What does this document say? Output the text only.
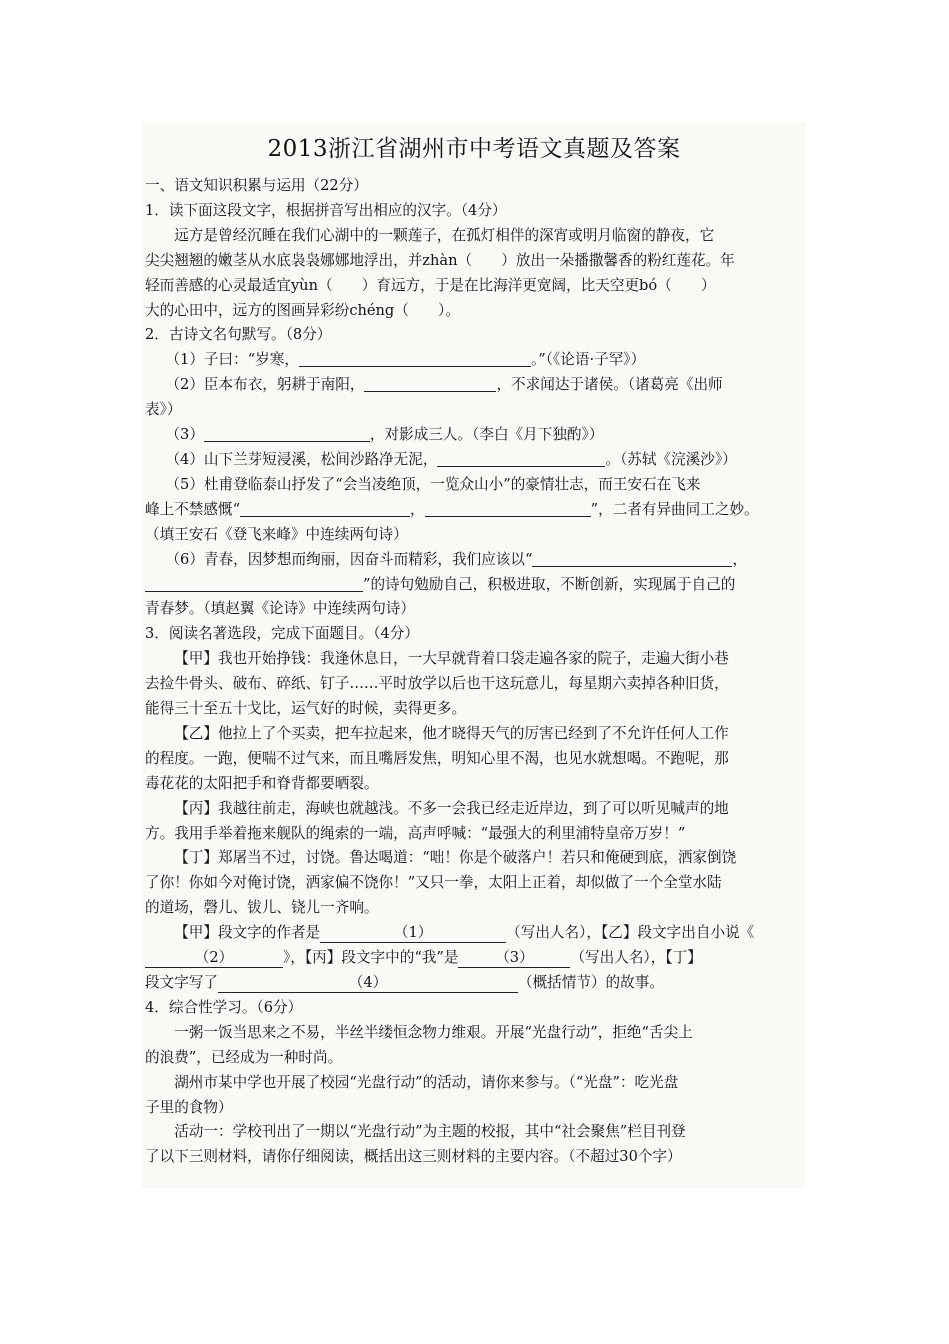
2013浙江省湖州市中考语文真题及答案

一、语文知识积累与运用（22分）

1．读下面这段文字，根据拼音写出相应的汉字。（4分）

远方是曾经沉睡在我们心湖中的一颗莲子，在孤灯相伴的深宵或明月临窗的静夜，它

尖尖翘翘的嫩茎从水底袅袅娜娜地浮出，并zhàn（　　）放出一朵播撒馨香的粉红莲花。年

轻而善感的心灵最适宜yùn（　　）育远方，于是在比海洋更宽阔，比天空更bó（　　）

大的心田中，远方的图画异彩纷chéng（　　）。

2．古诗文名句默写。（8分）

（1）子曰：“岁寒，	。”（《论语·子罕》）

（2）臣本布衣，躬耕于南阳，	，不求闻达于诸侯。（诸葛亮《出师

表》）

（3）	，对影成三人。（李白《月下独酌》）

（4）山下兰芽短浸溪，松间沙路净无泥，	。（苏轼《浣溪沙》）

（5）杜甫登临泰山抒发了“会当凌绝顶，一览众山小”的豪情壮志，而王安石在飞来

峰上不禁感慨“	，	”，二者有异曲同工之妙。

（填王安石《登飞来峰》中连续两句诗）

（6）青春，因梦想而绚丽，因奋斗而精彩，我们应该以“	，

”的诗句勉励自己，积极进取，不断创新，实现属于自己的

青春梦。（填赵翼《论诗》中连续两句诗）

3．阅读名著选段，完成下面题目。（4分）

【甲】我也开始挣钱：我逢休息日，一大早就背着口袋走遍各家的院子，走遍大街小巷

去捡牛骨头、破布、碎纸、钉子……平时放学以后也干这玩意儿，每星期六卖掉各种旧货，

能得三十至五十戈比，运气好的时候，卖得更多。

【乙】他拉上了个买卖，把车拉起来，他才晓得天气的厉害已经到了不允许任何人工作

的程度。一跑，便喘不过气来，而且嘴唇发焦，明知心里不渴，也见水就想喝。不跑呢，那

毒花花的太阳把手和脊背都要晒裂。

【丙】我越往前走，海峡也就越浅。不多一会我已经走近岸边，到了可以听见喊声的地

方。我用手举着拖来舰队的绳索的一端，高声呼喊：“最强大的利里浦特皇帝万岁！”

【丁】郑屠当不过，讨饶。鲁达喝道：“咄！你是个破落户！若只和俺硬到底，洒家倒饶

了你！你如今对俺讨饶，洒家偏不饶你！”又只一拳，太阳上正着，却似做了一个全堂水陆

的道场，磬儿、钹儿、铙儿一齐响。

【甲】段文字的作者是	（1）	（写出人名），【乙】段文字出自小说《

（2）	》，【丙】段文字中的“我”是	（3）	（写出人名），【丁】

段文字写了	（4）	（概括情节）的故事。

4．综合性学习。（6分）

一粥一饭当思来之不易，半丝半缕恒念物力维艰。开展“光盘行动”，拒绝“舌尖上

的浪费”，已经成为一种时尚。

湖州市某中学也开展了校园“光盘行动”的活动，请你来参与。（“光盘”：吃光盘

子里的食物）

活动一：学校刊出了一期以“光盘行动”为主题的校报，其中“社会聚焦”栏目刊登

了以下三则材料，请你仔细阅读，概括出这三则材料的主要内容。（不超过30个字）
